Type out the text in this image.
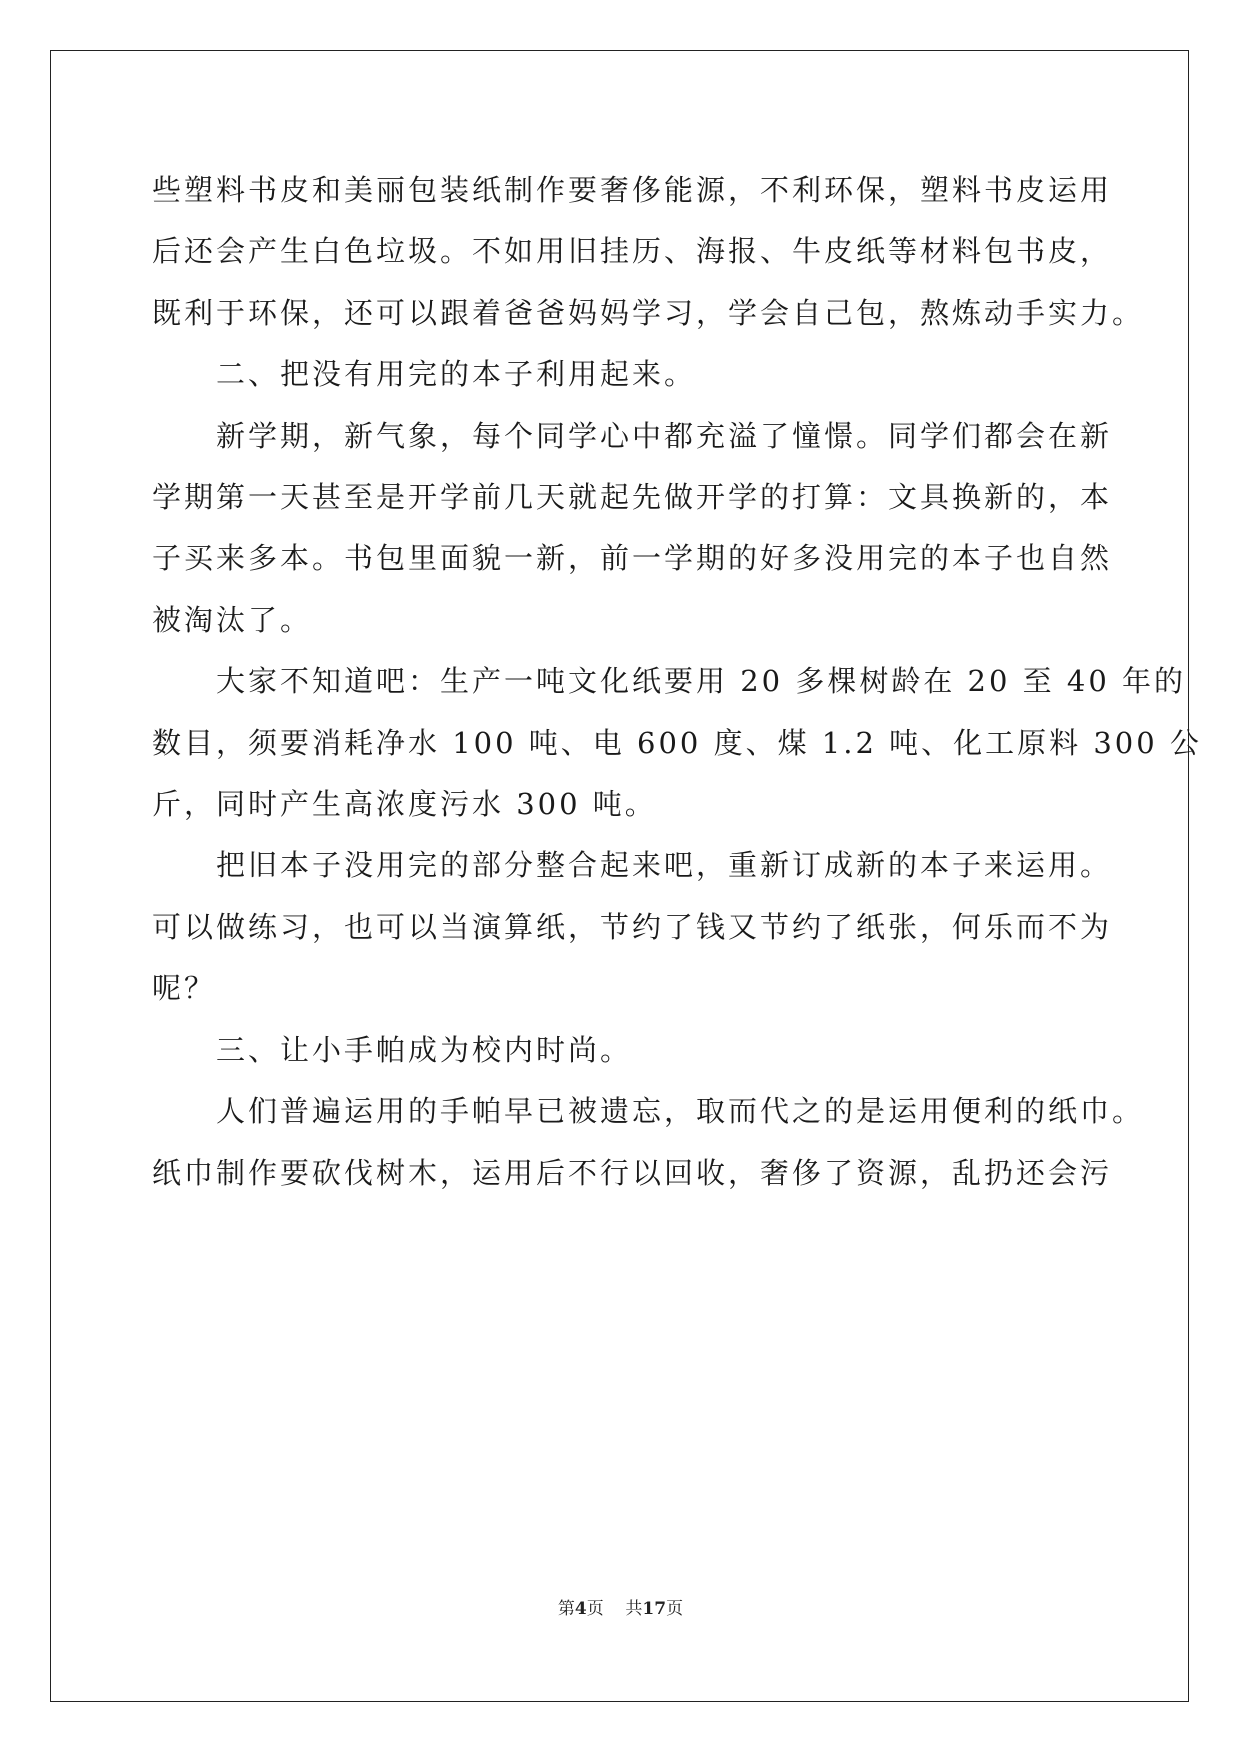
些塑料书皮和美丽包装纸制作要奢侈能源，不利环保，塑料书皮运用

后还会产生白色垃圾。不如用旧挂历、海报、牛皮纸等材料包书皮，

既利于环保，还可以跟着爸爸妈妈学习，学会自己包，熬炼动手实力。

　　二、把没有用完的本子利用起来。

　　新学期，新气象，每个同学心中都充溢了憧憬。同学们都会在新

学期第一天甚至是开学前几天就起先做开学的打算：文具换新的，本

子买来多本。书包里面貌一新，前一学期的好多没用完的本子也自然

被淘汰了。

　　大家不知道吧：生产一吨文化纸要用 20 多棵树龄在 20 至 40 年的

数目，须要消耗净水 100 吨、电 600 度、煤 1.2 吨、化工原料 300 公

斤，同时产生高浓度污水 300 吨。

　　把旧本子没用完的部分整合起来吧，重新订成新的本子来运用。

可以做练习，也可以当演算纸，节约了钱又节约了纸张，何乐而不为

呢？

　　三、让小手帕成为校内时尚。

　　人们普遍运用的手帕早已被遗忘，取而代之的是运用便利的纸巾。

纸巾制作要砍伐树木，运用后不行以回收，奢侈了资源，乱扔还会污

第4页 共17页
